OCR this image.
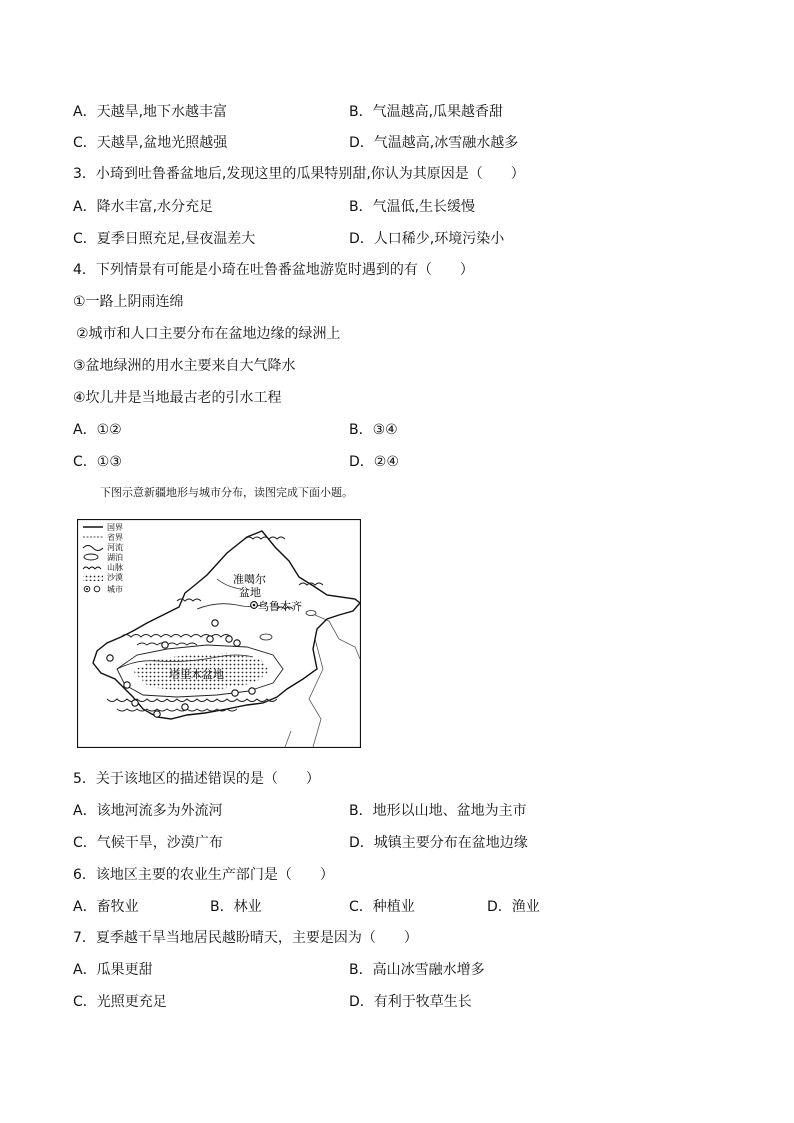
A．天越旱,地下水越丰富	B．气温越高,瓜果越香甜
C．天越旱,盆地光照越强	D．气温越高,冰雪融水越多
3．小琦到吐鲁番盆地后,发现这里的瓜果特别甜,你认为其原因是（　　）
A．降水丰富,水分充足	B．气温低,生长缓慢
C．夏季日照充足,昼夜温差大	D．人口稀少,环境污染小
4．下列情景有可能是小琦在吐鲁番盆地游览时遇到的有（　　）
①一路上阴雨连绵
②城市和人口主要分布在盆地边缘的绿洲上
③盆地绿洲的用水主要来自大气降水
④坎儿井是当地最古老的引水工程
A．①②	B．③④
C．①③	D．②④
下图示意新疆地形与城市分布，读图完成下面小题。
准噶尔
盆地
乌鲁木齐
塔里木盆地
国界
省界
河流
湖泊
山脉
沙漠
城市
5．关于该地区的描述错误的是（　　）
A．该地河流多为外流河	B．地形以山地、盆地为主市
C．气候干旱，沙漠广布	D．城镇主要分布在盆地边缘
6．该地区主要的农业生产部门是（　　）
A．畜牧业	B．林业	C．种植业	D．渔业
7．夏季越干旱当地居民越盼晴天，主要是因为（　　）
A．瓜果更甜	B．高山冰雪融水增多
C．光照更充足	D．有利于牧草生长
